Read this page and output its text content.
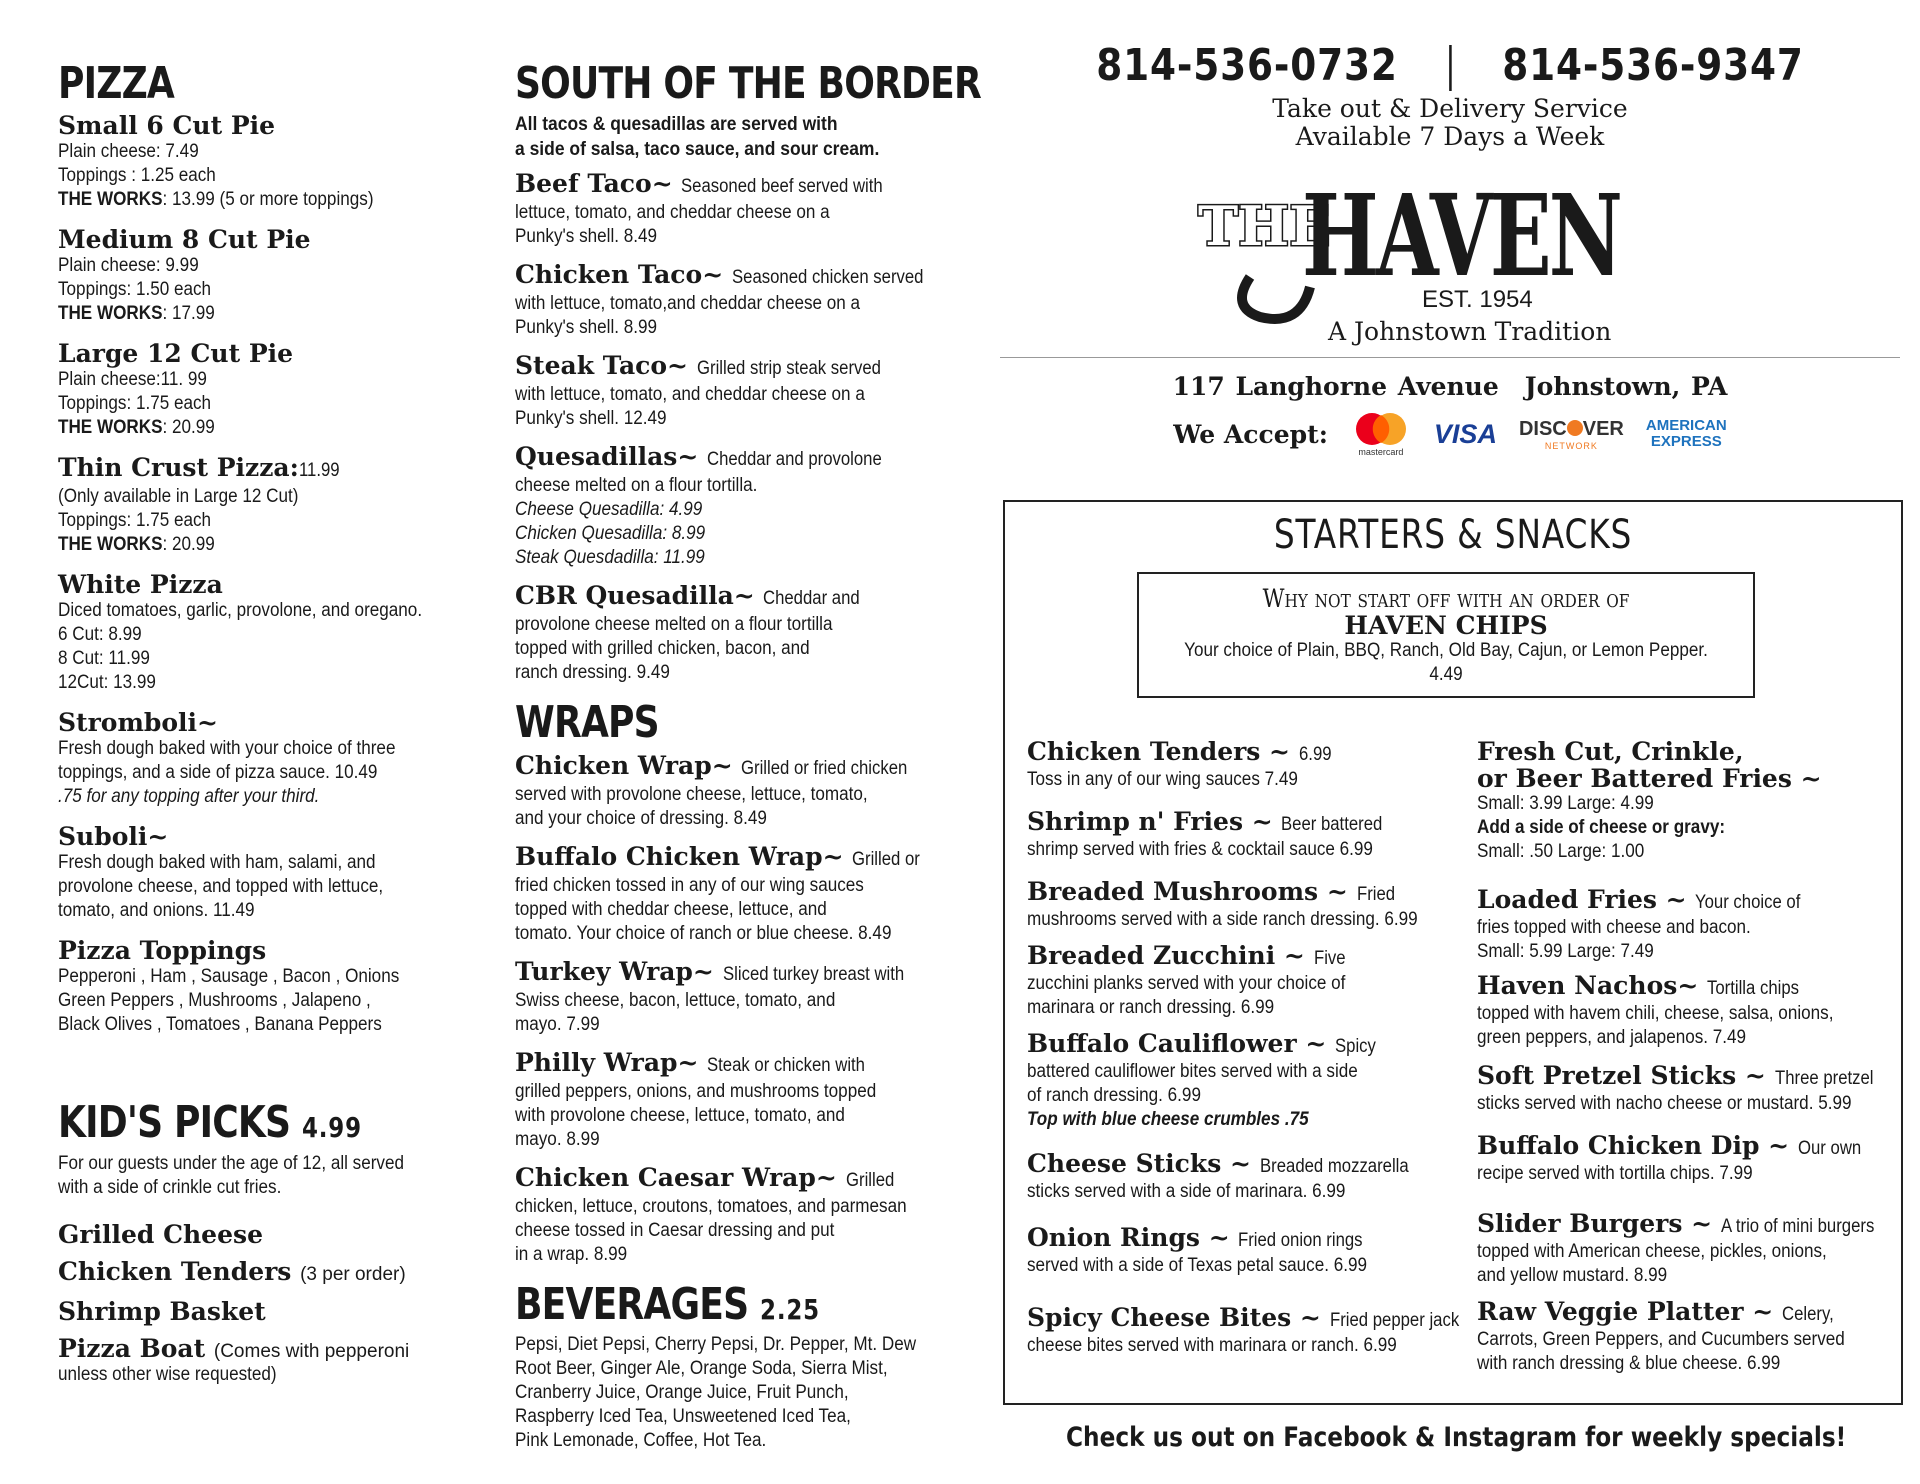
PIZZA
Small 6 Cut Pie
Plain cheese: 7.49
Toppings : 1.25 each
THE WORKS: 13.99 (5 or more toppings)
Medium 8 Cut Pie
Plain cheese: 9.99
Toppings: 1.50 each
THE WORKS: 17.99
Large 12 Cut Pie
Plain cheese:11. 99
Toppings: 1.75 each
THE WORKS: 20.99
Thin Crust Pizza:11.99
(Only available in Large 12 Cut)
Toppings: 1.75 each
THE WORKS: 20.99
White Pizza
Diced tomatoes, garlic, provolone, and oregano.
6 Cut: 8.99
8 Cut: 11.99
12Cut: 13.99
Stromboli~
Fresh dough baked with your choice of three
toppings, and a side of pizza sauce. 10.49
.75 for any topping after your third.
Suboli~
Fresh dough baked with ham, salami, and
provolone cheese, and topped with lettuce,
tomato, and onions. 11.49
Pizza Toppings
Pepperoni , Ham , Sausage , Bacon , Onions
Green Peppers , Mushrooms , Jalapeno ,
Black Olives , Tomatoes , Banana Peppers
KID'S PICKS 4.99
For our guests under the age of 12, all served
with a side of crinkle cut fries.
Grilled Cheese
Chicken Tenders (3 per order)
Shrimp Basket
Pizza Boat (Comes with pepperoni
unless other wise requested)
SOUTH OF THE BORDER
All tacos & quesadillas are served with
a side of salsa, taco sauce, and sour cream.
Beef Taco~ Seasoned beef served with
lettuce, tomato, and cheddar cheese on a
Punky's shell. 8.49
Chicken Taco~ Seasoned chicken served
with lettuce, tomato,and cheddar cheese on a
Punky's shell. 8.99
Steak Taco~ Grilled strip steak served
with lettuce, tomato, and cheddar cheese on a
Punky's shell. 12.49
Quesadillas~ Cheddar and provolone
cheese melted on a flour tortilla.
Cheese Quesadilla: 4.99
Chicken Quesadilla: 8.99
Steak Quesdadilla: 11.99
CBR Quesadilla~ Cheddar and
provolone cheese melted on a flour tortilla
topped with grilled chicken, bacon, and
ranch dressing. 9.49
WRAPS
Chicken Wrap~ Grilled or fried chicken
served with provolone cheese, lettuce, tomato,
and your choice of dressing. 8.49
Buffalo Chicken Wrap~ Grilled or
fried chicken tossed in any of our wing sauces
topped with cheddar cheese, lettuce, and
tomato. Your choice of ranch or blue cheese. 8.49
Turkey Wrap~ Sliced turkey breast with
Swiss cheese, bacon, lettuce, tomato, and
mayo. 7.99
Philly Wrap~ Steak or chicken with
grilled peppers, onions, and mushrooms topped
with provolone cheese, lettuce, tomato, and
mayo. 8.99
Chicken Caesar Wrap~ Grilled
chicken, lettuce, croutons, tomatoes, and parmesan
cheese tossed in Caesar dressing and put
in a wrap. 8.99
BEVERAGES 2.25
Pepsi, Diet Pepsi, Cherry Pepsi, Dr. Pepper, Mt. Dew
Root Beer, Ginger Ale, Orange Soda, Sierra Mist,
Cranberry Juice, Orange Juice, Fruit Punch,
Raspberry Iced Tea, Unsweetened Iced Tea,
Pink Lemonade, Coffee, Hot Tea.
814-536-0732 814-536-9347
Take out & Delivery Service
Available 7 Days a Week
THE
HAVEN
EST. 1954
A Johnstown Tradition
117 Langhorne Avenue Johnstown, PA
We Accept:
mastercard
VISA DISC VER
NETWORK
AMERICAN
EXPRESS
STARTERS & SNACKS
Why not start off with an order of
HAVEN CHIPS
Your choice of Plain, BBQ, Ranch, Old Bay, Cajun, or Lemon Pepper.
4.49
Chicken Tenders ~ 6.99
Toss in any of our wing sauces 7.49
Shrimp n' Fries ~ Beer battered
shrimp served with fries & cocktail sauce 6.99
Breaded Mushrooms ~ Fried
mushrooms served with a side ranch dressing. 6.99
Breaded Zucchini ~ Five
zucchini planks served with your choice of
marinara or ranch dressing. 6.99
Buffalo Cauliflower ~ Spicy
battered cauliflower bites served with a side
of ranch dressing. 6.99
Top with blue cheese crumbles .75
Cheese Sticks ~ Breaded mozzarella
sticks served with a side of marinara. 6.99
Onion Rings ~ Fried onion rings
served with a side of Texas petal sauce. 6.99
Spicy Cheese Bites ~ Fried pepper jack
cheese bites served with marinara or ranch. 6.99
Fresh Cut, Crinkle,
or Beer Battered Fries ~
Small: 3.99 Large: 4.99
Add a side of cheese or gravy:
Small: .50 Large: 1.00
Loaded Fries ~ Your choice of
fries topped with cheese and bacon.
Small: 5.99 Large: 7.49
Haven Nachos~ Tortilla chips
topped with havem chili, cheese, salsa, onions,
green peppers, and jalapenos. 7.49
Soft Pretzel Sticks ~ Three pretzel
sticks served with nacho cheese or mustard. 5.99
Buffalo Chicken Dip ~ Our own
recipe served with tortilla chips. 7.99
Slider Burgers ~ A trio of mini burgers
topped with American cheese, pickles, onions,
and yellow mustard. 8.99
Raw Veggie Platter ~ Celery,
Carrots, Green Peppers, and Cucumbers served
with ranch dressing & blue cheese. 6.99
Check us out on Facebook & Instagram for weekly specials!
